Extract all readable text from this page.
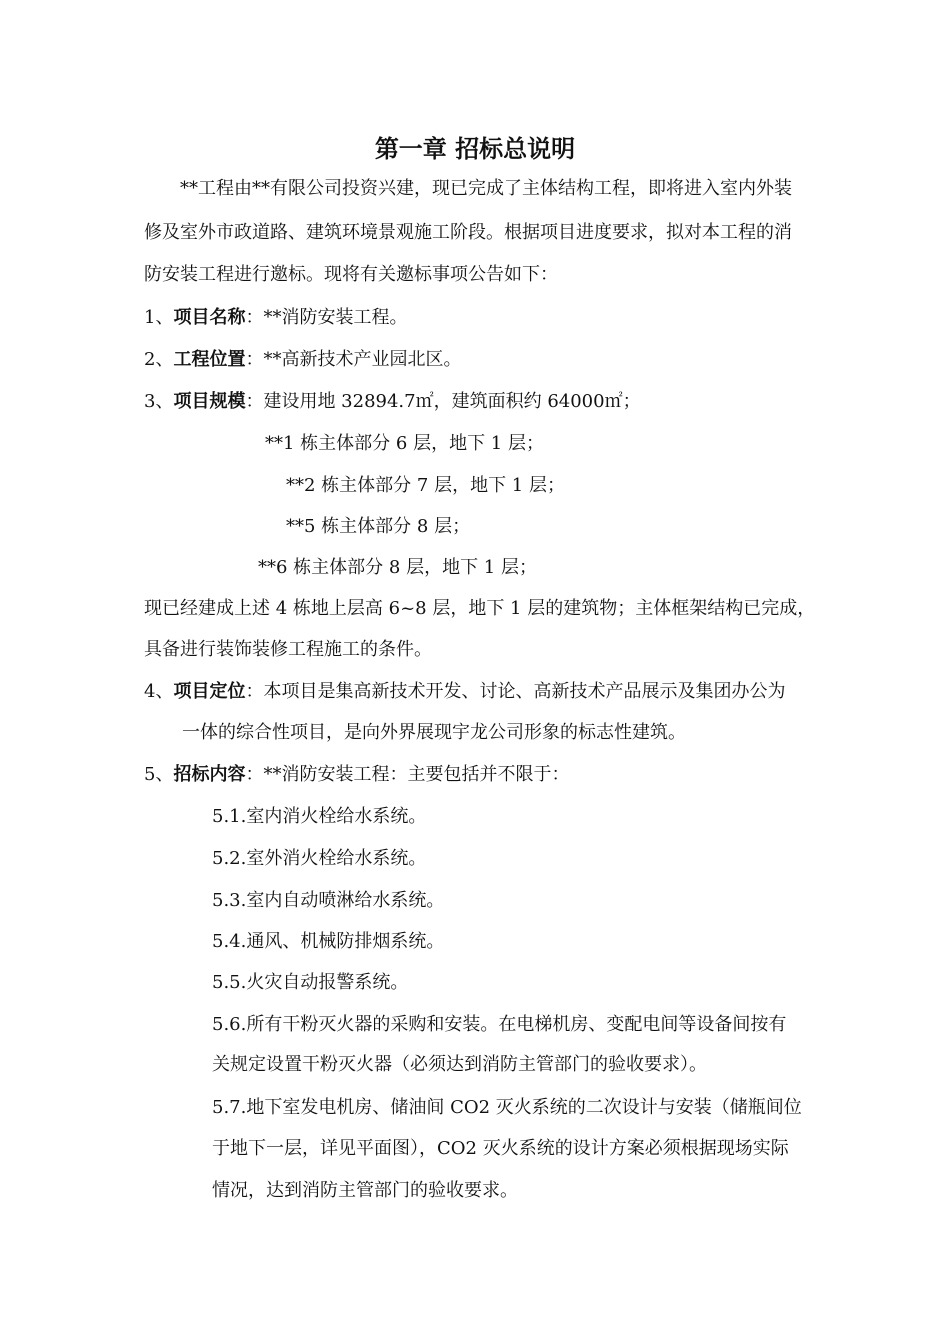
第一章 招标总说明
**工程由**有限公司投资兴建，现已完成了主体结构工程，即将进入室内外装
修及室外市政道路、建筑环境景观施工阶段。根据项目进度要求，拟对本工程的消
防安装工程进行邀标。现将有关邀标事项公告如下：
1、项目名称：**消防安装工程。
2、工程位置：**高新技术产业园北区。
3、项目规模：建设用地 32894.7㎡，建筑面积约 64000㎡；
**1 栋主体部分 6 层，地下 1 层；
**2 栋主体部分 7 层，地下 1 层；
**5 栋主体部分 8 层；
**6 栋主体部分 8 层，地下 1 层；
现已经建成上述 4 栋地上层高 6~8 层，地下 1 层的建筑物；主体框架结构已完成，
具备进行装饰装修工程施工的条件。
4、项目定位：本项目是集高新技术开发、讨论、高新技术产品展示及集团办公为
一体的综合性项目，是向外界展现宇龙公司形象的标志性建筑。
5、招标内容：**消防安装工程：主要包括并不限于：
5.1.室内消火栓给水系统。
5.2.室外消火栓给水系统。
5.3.室内自动喷淋给水系统。
5.4.通风、机械防排烟系统。
5.5.火灾自动报警系统。
5.6.所有干粉灭火器的采购和安装。在电梯机房、变配电间等设备间按有
关规定设置干粉灭火器（必须达到消防主管部门的验收要求）。
5.7.地下室发电机房、储油间 CO2 灭火系统的二次设计与安装（储瓶间位
于地下一层，详见平面图），CO2 灭火系统的设计方案必须根据现场实际
情况，达到消防主管部门的验收要求。
